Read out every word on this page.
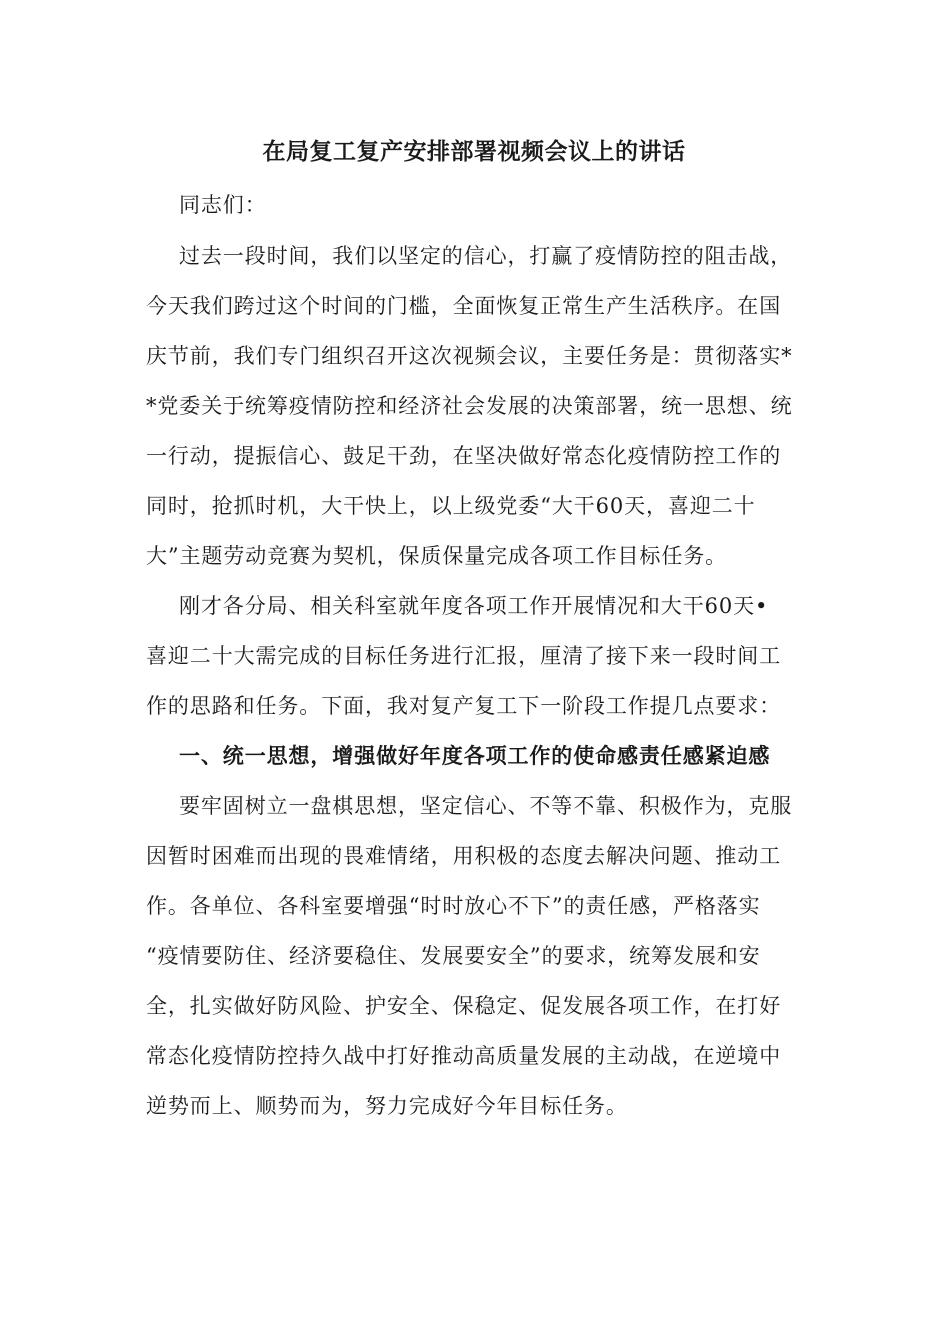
在局复工复产安排部署视频会议上的讲话

同志们：

过去一段时间，我们以坚定的信心，打赢了疫情防控的阻击战，
今天我们跨过这个时间的门槛，全面恢复正常生产生活秩序。在国
庆节前，我们专门组织召开这次视频会议，主要任务是：贯彻落实*
*党委关于统筹疫情防控和经济社会发展的决策部署，统一思想、统
一行动，提振信心、鼓足干劲，在坚决做好常态化疫情防控工作的
同时，抢抓时机，大干快上，以上级党委“大干60天，喜迎二十
大”主题劳动竞赛为契机，保质保量完成各项工作目标任务。
刚才各分局、相关科室就年度各项工作开展情况和大干60天•
喜迎二十大需完成的目标任务进行汇报，厘清了接下来一段时间工
作的思路和任务。下面，我对复产复工下一阶段工作提几点要求：

一、统一思想，增强做好年度各项工作的使命感责任感紧迫感

要牢固树立一盘棋思想，坚定信心、不等不靠、积极作为，克服
因暂时困难而出现的畏难情绪，用积极的态度去解决问题、推动工
作。各单位、各科室要增强“时时放心不下”的责任感，严格落实
“疫情要防住、经济要稳住、发展要安全”的要求，统筹发展和安
全，扎实做好防风险、护安全、保稳定、促发展各项工作，在打好
常态化疫情防控持久战中打好推动高质量发展的主动战，在逆境中
逆势而上、顺势而为，努力完成好今年目标任务。
